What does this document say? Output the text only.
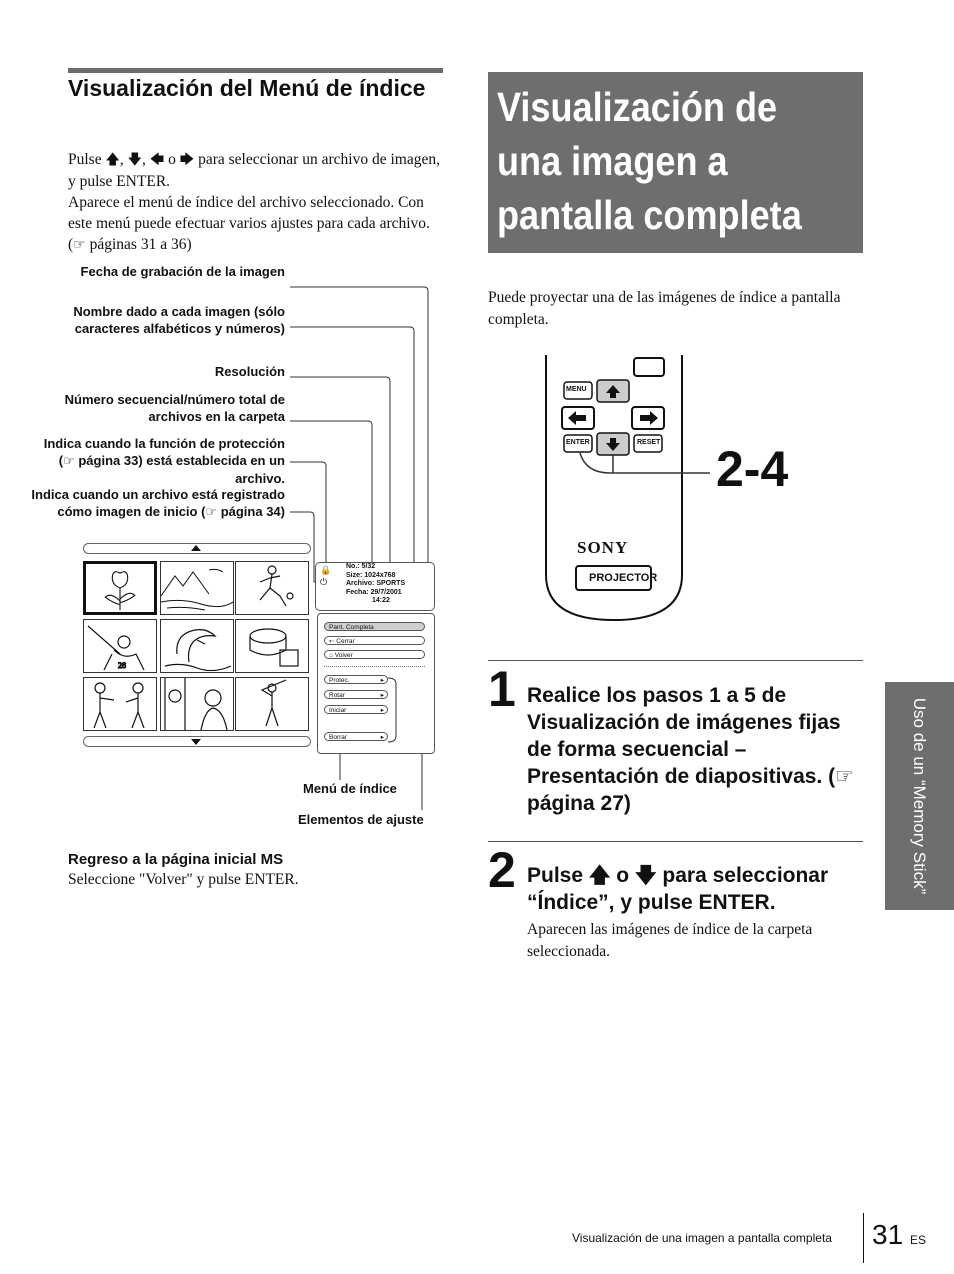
Visualización del Menú de índice
Pulse 🡅, 🡇, 🡄 o 🡆 para seleccionar un archivo de imagen, y pulse ENTER.
Aparece el menú de índice del archivo seleccionado. Con este menú puede efectuar varios ajustes para cada archivo. (☞ páginas 31 a 36)
Fecha de grabación de la imagen
Nombre dado a cada imagen (sólo caracteres alfabéticos y números)
Resolución
Número secuencial/número total de archivos en la carpeta
Indica cuando la función de protección (☞ página 33) está establecida en un archivo.
Indica cuando un archivo está registrado cómo imagen de inicio (☞ página 34)
28
🔒
⏻
No.: 5/32
Size: 1024x768
Archivo: SPORTS
Fecha: 29/7/2001
14:22
Pant. Completa
⇠ Cerrar
⌂ Volver
Protec.	▸
Rotar	▸
Iniciar	▸
Borrar	▸
Menú de índice
Elementos de ajuste
Regreso a la página inicial MS
Seleccione "Volver" y pulse ENTER.
Visualización de una imagen a pantalla completa
Puede proyectar una de las imágenes de índice a pantalla completa.
MENU
ENTER	RESET
SONY
PROJECTOR
2-4
1 Realice los pasos 1 a 5 de Visualización de imágenes fijas de forma secuencial – Presentación de diapositivas. (☞ página 27)
2 Pulse 🡅 o 🡇 para seleccionar “Índice”, y pulse ENTER.
Aparecen las imágenes de índice de la carpeta seleccionada.
Uso de un “Memory Stick”
Visualización de una imagen a pantalla completa 31 ES
